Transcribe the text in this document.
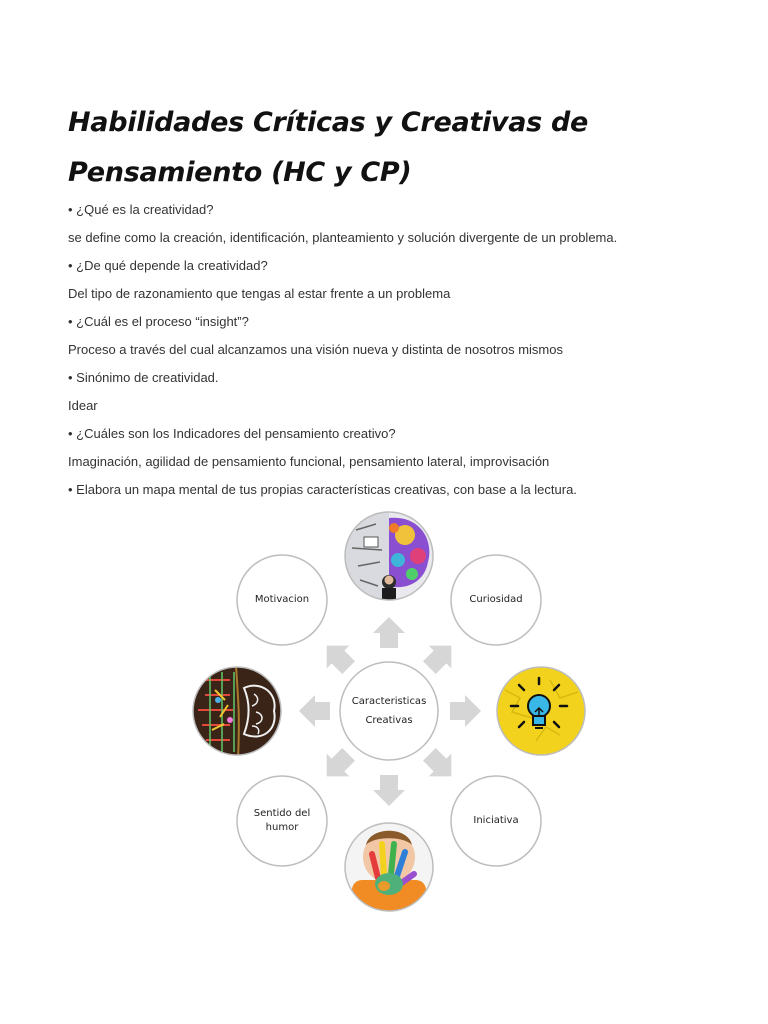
Habilidades Críticas y Creativas de
Pensamiento (HC y CP)

• ¿Qué es la creatividad?

se define como la creación, identificación, planteamiento y solución divergente de un problema.

• ¿De qué depende la creatividad?

Del tipo de razonamiento que tengas al estar frente a un problema

• ¿Cuál es el proceso “insight”?

Proceso a través del cual alcanzamos una visión nueva y distinta de nosotros mismos

• Sinónimo de creatividad.

Idear

• ¿Cuáles son los Indicadores del pensamiento creativo?

Imaginación, agilidad de pensamiento funcional, pensamiento lateral, improvisación

• Elabora un mapa mental de tus propias características creativas, con base a la lectura.

Caracteristicas
Creativas
Motivacion	Curiosidad
Sentido del
humor
Iniciativa
